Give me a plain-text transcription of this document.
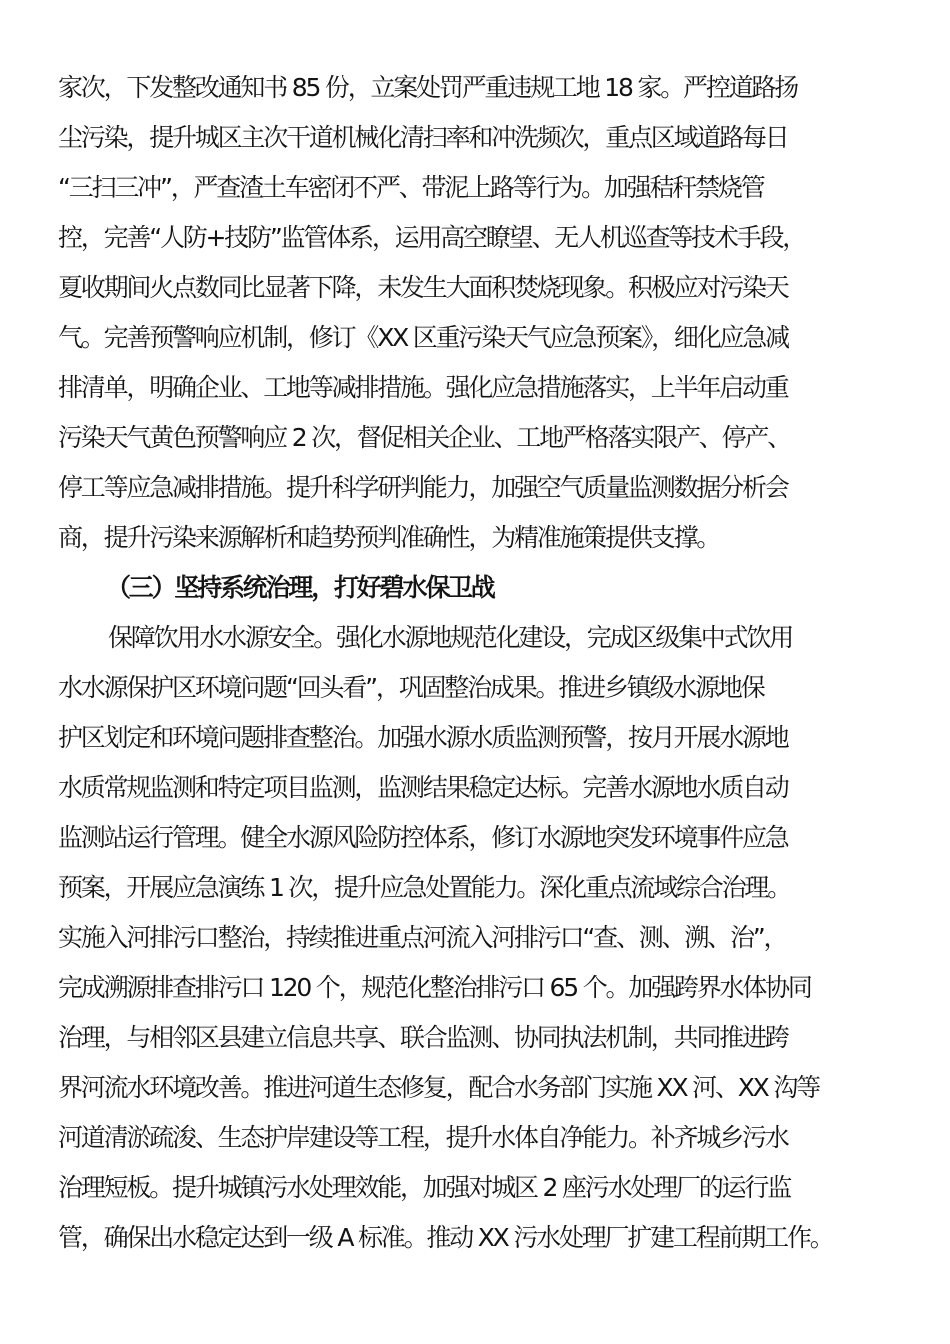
家次，下发整改通知书 85 份，立案处罚严重违规工地 18 家。严控道路扬
尘污染，提升城区主次干道机械化清扫率和冲洗频次，重点区域道路每日
“三扫三冲”，严查渣土车密闭不严、带泥上路等行为。加强秸秆禁烧管
控，完善“人防+技防”监管体系，运用高空瞭望、无人机巡查等技术手段，
夏收期间火点数同比显著下降，未发生大面积焚烧现象。积极应对污染天
气。完善预警响应机制，修订《XX 区重污染天气应急预案》，细化应急减
排清单，明确企业、工地等减排措施。强化应急措施落实，上半年启动重
污染天气黄色预警响应 2 次，督促相关企业、工地严格落实限产、停产、
停工等应急减排措施。提升科学研判能力，加强空气质量监测数据分析会
商，提升污染来源解析和趋势预判准确性，为精准施策提供支撑。
（三）坚持系统治理，打好碧水保卫战
保障饮用水水源安全。强化水源地规范化建设，完成区级集中式饮用
水水源保护区环境问题“回头看”，巩固整治成果。推进乡镇级水源地保
护区划定和环境问题排查整治。加强水源水质监测预警，按月开展水源地
水质常规监测和特定项目监测，监测结果稳定达标。完善水源地水质自动
监测站运行管理。健全水源风险防控体系，修订水源地突发环境事件应急
预案，开展应急演练 1 次，提升应急处置能力。深化重点流域综合治理。
实施入河排污口整治，持续推进重点河流入河排污口“查、测、溯、治”，
完成溯源排查排污口 120 个，规范化整治排污口 65 个。加强跨界水体协同
治理，与相邻区县建立信息共享、联合监测、协同执法机制，共同推进跨
界河流水环境改善。推进河道生态修复，配合水务部门实施 XX 河、XX 沟等
河道清淤疏浚、生态护岸建设等工程，提升水体自净能力。补齐城乡污水
治理短板。提升城镇污水处理效能，加强对城区 2 座污水处理厂的运行监
管，确保出水稳定达到一级 A 标准。推动 XX 污水处理厂扩建工程前期工作。
